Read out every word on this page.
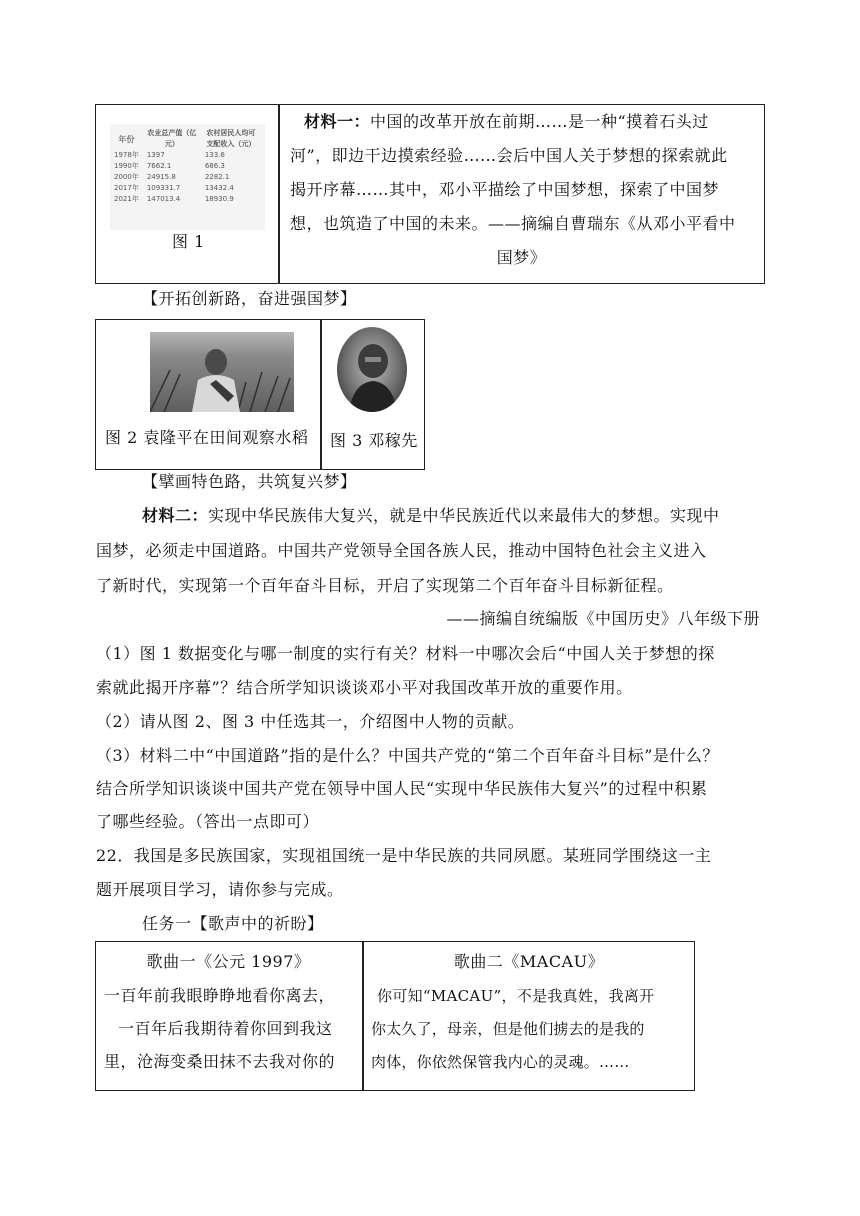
年份	农业总产值（亿元）	农村居民人均可支配收入（元）
1978年	1397	133.6
1990年	7662.1	686.3
2000年	24915.8	2282.1
2017年	109331.7	13432.4
2021年	147013.4	18930.9
图 1
材料一：中国的改革开放在前期……是一种“摸着石头过
河”，即边干边摸索经验……会后中国人关于梦想的探索就此
揭开序幕……其中，邓小平描绘了中国梦想，探索了中国梦
想，也筑造了中国的未来。——摘编自曹瑞东《从邓小平看中
国梦》
【开拓创新路，奋进强国梦】
图 2 袁隆平在田间观察水稻 图 3 邓稼先
【擘画特色路，共筑复兴梦】
材料二：实现中华民族伟大复兴，就是中华民族近代以来最伟大的梦想。实现中
国梦，必须走中国道路。中国共产党领导全国各族人民，推动中国特色社会主义进入
了新时代，实现第一个百年奋斗目标，开启了实现第二个百年奋斗目标新征程。
——摘编自统编版《中国历史》八年级下册
（1）图 1 数据变化与哪一制度的实行有关？材料一中哪次会后“中国人关于梦想的探
索就此揭开序幕”？结合所学知识谈谈邓小平对我国改革开放的重要作用。
（2）请从图 2、图 3 中任选其一，介绍图中人物的贡献。
（3）材料二中“中国道路”指的是什么？中国共产党的“第二个百年奋斗目标”是什么？
结合所学知识谈谈中国共产党在领导中国人民“实现中华民族伟大复兴”的过程中积累
了哪些经验。（答出一点即可）
22．我国是多民族国家，实现祖国统一是中华民族的共同夙愿。某班同学围绕这一主
题开展项目学习，请你参与完成。
任务一【歌声中的祈盼】
歌曲一《公元 1997》
一百年前我眼睁睁地看你离去，
一百年后我期待着你回到我这
里，沧海变桑田抹不去我对你的
歌曲二《MACAU》
你可知“MACAU”，不是我真姓，我离开
你太久了，母亲，但是他们掳去的是我的
肉体，你依然保管我内心的灵魂。……
